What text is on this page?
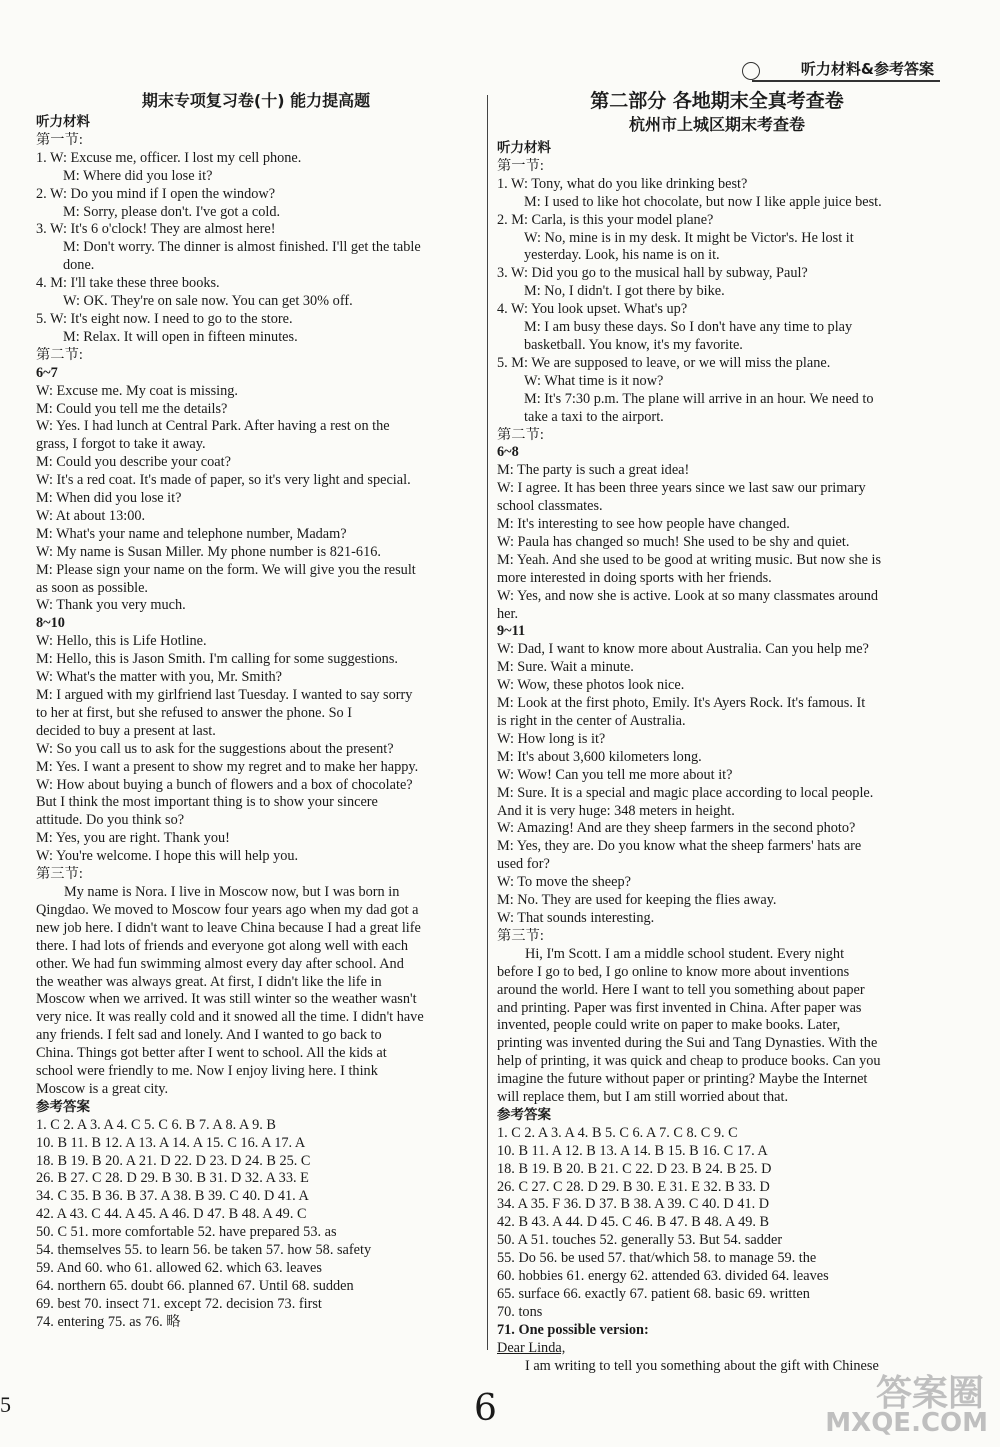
听力材料&参考答案
期末专项复习卷(十) 能力提高题
听力材料
第一节:
1. W: Excuse me, officer. I lost my cell phone.
M: Where did you lose it?
2. W: Do you mind if I open the window?
M: Sorry, please don't. I've got a cold.
3. W: It's 6 o'clock! They are almost here!
M: Don't worry. The dinner is almost finished. I'll get the table
done.
4. M: I'll take these three books.
W: OK. They're on sale now. You can get 30% off.
5. W: It's eight now. I need to go to the store.
M: Relax. It will open in fifteen minutes.
第二节:
6~7
W: Excuse me. My coat is missing.
M: Could you tell me the details?
W: Yes. I had lunch at Central Park. After having a rest on the
grass, I forgot to take it away.
M: Could you describe your coat?
W: It's a red coat. It's made of paper, so it's very light and special.
M: When did you lose it?
W: At about 13:00.
M: What's your name and telephone number, Madam?
W: My name is Susan Miller. My phone number is 821-616.
M: Please sign your name on the form. We will give you the result
as soon as possible.
W: Thank you very much.
8~10
W: Hello, this is Life Hotline.
M: Hello, this is Jason Smith. I'm calling for some suggestions.
W: What's the matter with you, Mr. Smith?
M: I argued with my girlfriend last Tuesday. I wanted to say sorry
to her at first, but she refused to answer the phone. So I
decided to buy a present at last.
W: So you call us to ask for the suggestions about the present?
M: Yes. I want a present to show my regret and to make her happy.
W: How about buying a bunch of flowers and a box of chocolate?
But I think the most important thing is to show your sincere
attitude. Do you think so?
M: Yes, you are right. Thank you!
W: You're welcome. I hope this will help you.
第三节:
My name is Nora. I live in Moscow now, but I was born in
Qingdao. We moved to Moscow four years ago when my dad got a
new job here. I didn't want to leave China because I had a great life
there. I had lots of friends and everyone got along well with each
other. We had fun swimming almost every day after school. And
the weather was always great. At first, I didn't like the life in
Moscow when we arrived. It was still winter so the weather wasn't
very nice. It was really cold and it snowed all the time. I didn't have
any friends. I felt sad and lonely. And I wanted to go back to
China. Things got better after I went to school. All the kids at
school were friendly to me. Now I enjoy living here. I think
Moscow is a great city.
参考答案
1. C 2. A 3. A 4. C 5. C 6. B 7. A 8. A 9. B
10. B 11. B 12. A 13. A 14. A 15. C 16. A 17. A
18. B 19. B 20. A 21. D 22. D 23. D 24. B 25. C
26. B 27. C 28. D 29. B 30. B 31. D 32. A 33. E
34. C 35. B 36. B 37. A 38. B 39. C 40. D 41. A
42. A 43. C 44. A 45. A 46. D 47. B 48. A 49. C
50. C 51. more comfortable 52. have prepared 53. as
54. themselves 55. to learn 56. be taken 57. how 58. safety
59. And 60. who 61. allowed 62. which 63. leaves
64. northern 65. doubt 66. planned 67. Until 68. sudden
69. best 70. insect 71. except 72. decision 73. first
74. entering 75. as 76. 略
第二部分 各地期末全真考查卷
杭州市上城区期末考查卷
听力材料
第一节:
1. W: Tony, what do you like drinking best?
M: I used to like hot chocolate, but now I like apple juice best.
2. M: Carla, is this your model plane?
W: No, mine is in my desk. It might be Victor's. He lost it
yesterday. Look, his name is on it.
3. W: Did you go to the musical hall by subway, Paul?
M: No, I didn't. I got there by bike.
4. W: You look upset. What's up?
M: I am busy these days. So I don't have any time to play
basketball. You know, it's my favorite.
5. M: We are supposed to leave, or we will miss the plane.
W: What time is it now?
M: It's 7:30 p.m. The plane will arrive in an hour. We need to
take a taxi to the airport.
第二节:
6~8
M: The party is such a great idea!
W: I agree. It has been three years since we last saw our primary
school classmates.
M: It's interesting to see how people have changed.
W: Paula has changed so much! She used to be shy and quiet.
M: Yeah. And she used to be good at writing music. But now she is
more interested in doing sports with her friends.
W: Yes, and now she is active. Look at so many classmates around
her.
9~11
W: Dad, I want to know more about Australia. Can you help me?
M: Sure. Wait a minute.
W: Wow, these photos look nice.
M: Look at the first photo, Emily. It's Ayers Rock. It's famous. It
is right in the center of Australia.
W: How long is it?
M: It's about 3,600 kilometers long.
W: Wow! Can you tell me more about it?
M: Sure. It is a special and magic place according to local people.
And it is very huge: 348 meters in height.
W: Amazing! And are they sheep farmers in the second photo?
M: Yes, they are. Do you know what the sheep farmers' hats are
used for?
W: To move the sheep?
M: No. They are used for keeping the flies away.
W: That sounds interesting.
第三节:
Hi, I'm Scott. I am a middle school student. Every night
before I go to bed, I go online to know more about inventions
around the world. Here I want to tell you something about paper
and printing. Paper was first invented in China. After paper was
invented, people could write on paper to make books. Later,
printing was invented during the Sui and Tang Dynasties. With the
help of printing, it was quick and cheap to produce books. Can you
imagine the future without paper or printing? Maybe the Internet
will replace them, but I am still worried about that.
参考答案
1. C 2. A 3. A 4. B 5. C 6. A 7. C 8. C 9. C
10. B 11. A 12. B 13. A 14. B 15. B 16. C 17. A
18. B 19. B 20. B 21. C 22. D 23. B 24. B 25. D
26. C 27. C 28. D 29. B 30. E 31. E 32. B 33. D
34. A 35. F 36. D 37. B 38. A 39. C 40. D 41. D
42. B 43. A 44. D 45. C 46. B 47. B 48. A 49. B
50. A 51. touches 52. generally 53. But 54. sadder
55. Do 56. be used 57. that/which 58. to manage 59. the
60. hobbies 61. energy 62. attended 63. divided 64. leaves
65. surface 66. exactly 67. patient 68. basic 69. written
70. tons
71. One possible version:
Dear Linda,
I am writing to tell you something about the gift with Chinese
5	6	答案圈
MXQE.COM
